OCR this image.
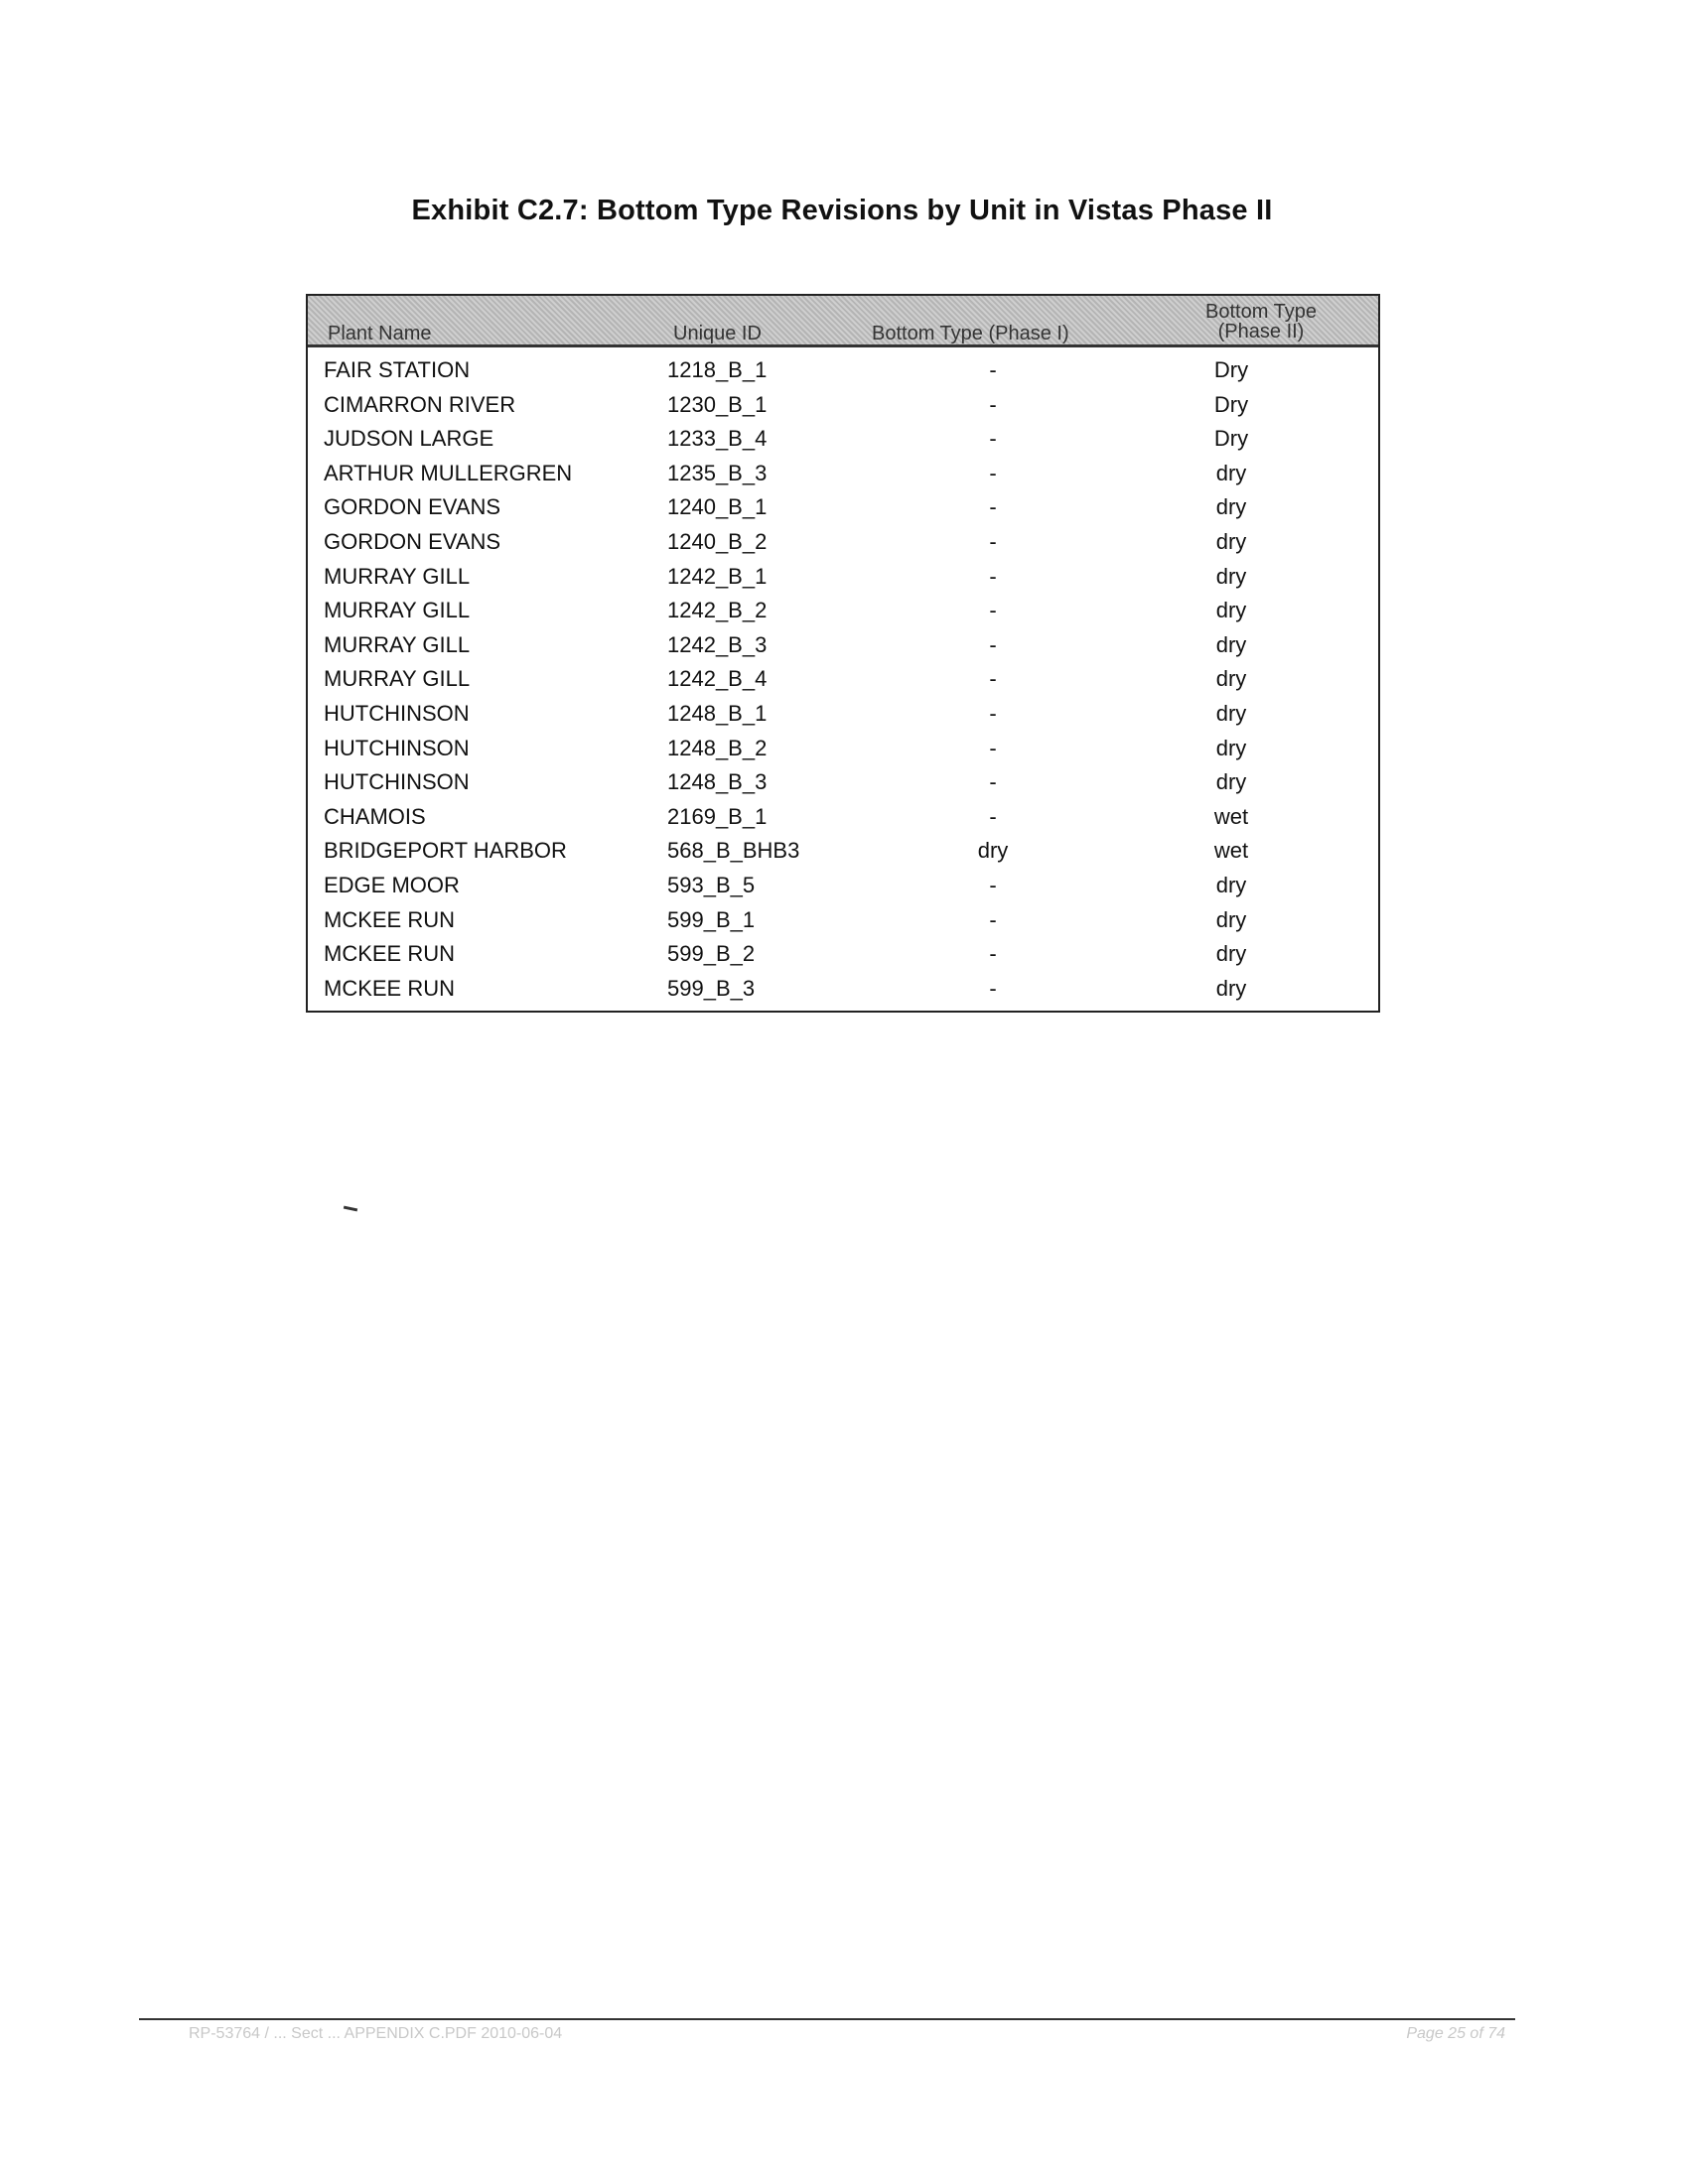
Exhibit C2.7: Bottom Type Revisions by Unit in Vistas Phase II
Plant Name	Unique ID	Bottom Type (Phase I)
Bottom Type
(Phase II)
FAIR STATION	1218_B_1	-	Dry
CIMARRON RIVER	1230_B_1	-	Dry
JUDSON LARGE	1233_B_4	-	Dry
ARTHUR MULLERGREN	1235_B_3	-	dry
GORDON EVANS	1240_B_1	-	dry
GORDON EVANS	1240_B_2	-	dry
MURRAY GILL	1242_B_1	-	dry
MURRAY GILL	1242_B_2	-	dry
MURRAY GILL	1242_B_3	-	dry
MURRAY GILL	1242_B_4	-	dry
HUTCHINSON	1248_B_1	-	dry
HUTCHINSON	1248_B_2	-	dry
HUTCHINSON	1248_B_3	-	dry
CHAMOIS	2169_B_1	-	wet
BRIDGEPORT HARBOR	568_B_BHB3	dry	wet
EDGE MOOR	593_B_5	-	dry
MCKEE RUN	599_B_1	-	dry
MCKEE RUN	599_B_2	-	dry
MCKEE RUN	599_B_3	-	dry
RP-53764 / ... Sect ... APPENDIX C.PDF 2010-06-04	Page 25 of 74
